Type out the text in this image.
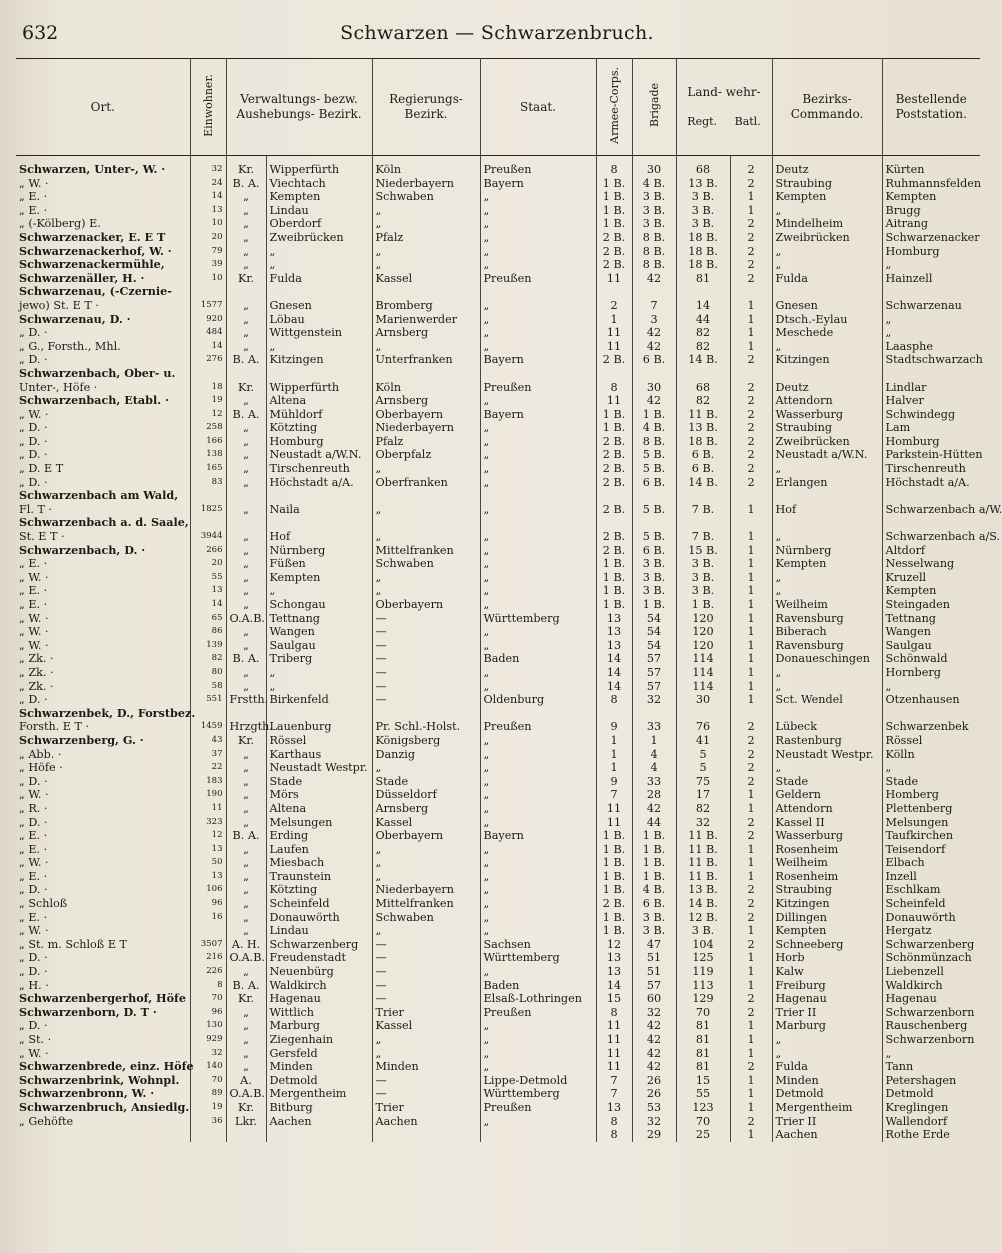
632	Schwarzen — Schwarzenbruch.
Ort.	Einwohner.	Verwaltungs- bezw. Aushebungs- Bezirk.		Regierungs- Bezirk.	Staat.	Armee-Corps.	Brigade	Land- wehr-
Regt. Batl.		Bezirks- Commando.	Bestellende Poststation.
Schwarzen, Unter-, W. ·	32	Kr.	Wipperfürth	Köln	Preußen	8	30	68	2	Deutz	Kürten
„ W. ·	24	B. A.	Viechtach	Niederbayern	Bayern	1 B.	4 B.	13 B.	2	Straubing	Ruhmannsfelden
„ E. ·	14	„	Kempten	Schwaben	„	1 B.	3 B.	3 B.	1	Kempten	Kempten
„ E. ·	13	„	Lindau	„	„	1 B.	3 B.	3 B.	1	„	Brugg
„ (-Kölberg) E.	10	„	Oberdorf	„	„	1 B.	3 B.	3 B.	2	Mindelheim	Aitrang
Schwarzenacker, E. E T	20	„	Zweibrücken	Pfalz	„	2 B.	8 B.	18 B.	2	Zweibrücken	Schwarzenacker
Schwarzenackerhof, W. ·	79	„	„	„	„	2 B.	8 B.	18 B.	2	„	Homburg
Schwarzenackermühle,	39	„	„	„	„	2 B.	8 B.	18 B.	2	„	„
Schwarzenäller, H. ·	10	Kr.	Fulda	Kassel	Preußen	11	42	81	2	Fulda	Hainzell
Schwarzenau, (-Czernie-											
jewo) St. E T ·	1577	„	Gnesen	Bromberg	„	2	7	14	1	Gnesen	Schwarzenau
Schwarzenau, D. ·	920	„	Löbau	Marienwerder	„	1	3	44	1	Dtsch.-Eylau	„
„ D. ·	484	„	Wittgenstein	Arnsberg	„	11	42	82	1	Meschede	„
„ G., Forsth., Mhl.	14	„	„	„	„	11	42	82	1	„	Laasphe
„ D. ·	276	B. A.	Kitzingen	Unterfranken	Bayern	2 B.	6 B.	14 B.	2	Kitzingen	Stadtschwarzach
Schwarzenbach, Ober- u.											
Unter-, Höfe ·	18	Kr.	Wipperfürth	Köln	Preußen	8	30	68	2	Deutz	Lindlar
Schwarzenbach, Etabl. ·	19	„	Altena	Arnsberg	„	11	42	82	2	Attendorn	Halver
„ W. ·	12	B. A.	Mühldorf	Oberbayern	Bayern	1 B.	1 B.	11 B.	2	Wasserburg	Schwindegg
„ D. ·	258	„	Kötzting	Niederbayern	„	1 B.	4 B.	13 B.	2	Straubing	Lam
„ D. ·	166	„	Homburg	Pfalz	„	2 B.	8 B.	18 B.	2	Zweibrücken	Homburg
„ D. ·	138	„	Neustadt a/W.N.	Oberpfalz	„	2 B.	5 B.	6 B.	2	Neustadt a/W.N.	Parkstein-Hütten
„ D. E T	165	„	Tirschenreuth	„	„	2 B.	5 B.	6 B.	2	„	Tirschenreuth
„ D. ·	83	„	Höchstadt a/A.	Oberfranken	„	2 B.	6 B.	14 B.	2	Erlangen	Höchstadt a/A.
Schwarzenbach am Wald,											
Fl. T ·	1825	„	Naila	„	„	2 B.	5 B.	7 B.	1	Hof	Schwarzenbach a/W.
Schwarzenbach a. d. Saale,											
St. E T ·	3944	„	Hof	„	„	2 B.	5 B.	7 B.	1	„	Schwarzenbach a/S.
Schwarzenbach, D. ·	266	„	Nürnberg	Mittelfranken	„	2 B.	6 B.	15 B.	1	Nürnberg	Altdorf
„ E. ·	20	„	Füßen	Schwaben	„	1 B.	3 B.	3 B.	1	Kempten	Nesselwang
„ W. ·	55	„	Kempten	„	„	1 B.	3 B.	3 B.	1	„	Kruzell
„ E. ·	13	„	„	„	„	1 B.	3 B.	3 B.	1	„	Kempten
„ E. ·	14	„	Schongau	Oberbayern	„	1 B.	1 B.	1 B.	1	Weilheim	Steingaden
„ W. ·	65	O.A.B.	Tettnang	—	Württemberg	13	54	120	1	Ravensburg	Tettnang
„ W. ·	86	„	Wangen	—	„	13	54	120	1	Biberach	Wangen
„ W. ·	139	„	Saulgau	—	„	13	54	120	1	Ravensburg	Saulgau
„ Zk. ·	82	B. A.	Triberg	—	Baden	14	57	114	1	Donaueschingen	Schönwald
„ Zk. ·	80	„	„	—	„	14	57	114	1	„	Hornberg
„ Zk. ·	58	„	„	—	„	14	57	114	1	„	„
„ D. ·	551	Frstth.	Birkenfeld	—	Oldenburg	8	32	30	1	Sct. Wendel	Otzenhausen
Schwarzenbek, D., Forstbez.											
Forsth. E T ·	1459	Hrzgth.	Lauenburg	Pr. Schl.-Holst.	Preußen	9	33	76	2	Lübeck	Schwarzenbek
Schwarzenberg, G. ·	43	Kr.	Rössel	Königsberg	„	1	1	41	2	Rastenburg	Rössel
„ Abb. ·	37	„	Karthaus	Danzig	„	1	4	5	2	Neustadt Westpr.	Kölln
„ Höfe ·	22	„	Neustadt Westpr.	„	„	1	4	5	2	„	„
„ D. ·	183	„	Stade	Stade	„	9	33	75	2	Stade	Stade
„ W. ·	190	„	Mörs	Düsseldorf	„	7	28	17	1	Geldern	Homberg
„ R. ·	11	„	Altena	Arnsberg	„	11	42	82	1	Attendorn	Plettenberg
„ D. ·	323	„	Melsungen	Kassel	„	11	44	32	2	Kassel II	Melsungen
„ E. ·	12	B. A.	Erding	Oberbayern	Bayern	1 B.	1 B.	11 B.	2	Wasserburg	Taufkirchen
„ E. ·	13	„	Laufen	„	„	1 B.	1 B.	11 B.	1	Rosenheim	Teisendorf
„ W. ·	50	„	Miesbach	„	„	1 B.	1 B.	11 B.	1	Weilheim	Elbach
„ E. ·	13	„	Traunstein	„	„	1 B.	1 B.	11 B.	1	Rosenheim	Inzell
„ D. ·	106	„	Kötzting	Niederbayern	„	1 B.	4 B.	13 B.	2	Straubing	Eschlkam
„ Schloß	96	„	Scheinfeld	Mittelfranken	„	2 B.	6 B.	14 B.	2	Kitzingen	Scheinfeld
„ E. ·	16	„	Donauwörth	Schwaben	„	1 B.	3 B.	12 B.	2	Dillingen	Donauwörth
„ W. ·		„	Lindau	„	„	1 B.	3 B.	3 B.	1	Kempten	Hergatz
„ St. m. Schloß E T	3507	A. H.	Schwarzenberg	—	Sachsen	12	47	104	2	Schneeberg	Schwarzenberg
„ D. ·	216	O.A.B.	Freudenstadt	—	Württemberg	13	51	125	1	Horb	Schönmünzach
„ D. ·	226	„	Neuenbürg	—	„	13	51	119	1	Kalw	Liebenzell
„ H. ·	8	B. A.	Waldkirch	—	Baden	14	57	113	1	Freiburg	Waldkirch
Schwarzenbergerhof, Höfe	70	Kr.	Hagenau	—	Elsaß-Lothringen	15	60	129	2	Hagenau	Hagenau
Schwarzenborn, D. T ·	96	„	Wittlich	Trier	Preußen	8	32	70	2	Trier II	Schwarzenborn
„ D. ·	130	„	Marburg	Kassel	„	11	42	81	1	Marburg	Rauschenberg
„ St. ·	929	„	Ziegenhain	„	„	11	42	81	1	„	Schwarzenborn
„ W. ·	32	„	Gersfeld	„	„	11	42	81	1	„	„
Schwarzenbrede, einz. Höfe	140	„	Minden	Minden	„	11	42	81	2	Fulda	Tann
Schwarzenbrink, Wohnpl.	70	A.	Detmold	—	Lippe-Detmold	7	26	15	1	Minden	Petershagen
Schwarzenbronn, W. ·	89	O.A.B.	Mergentheim	—	Württemberg	7	26	55	1	Detmold	Detmold
Schwarzenbruch, Ansiedlg.	19	Kr.	Bitburg	Trier	Preußen	13	53	123	1	Mergentheim	Kreglingen
„ Gehöfte	36	Lkr.	Aachen	Aachen	„	8	32	70	2	Trier II	Wallendorf
						8	29	25	1	Aachen	Rothe Erde
